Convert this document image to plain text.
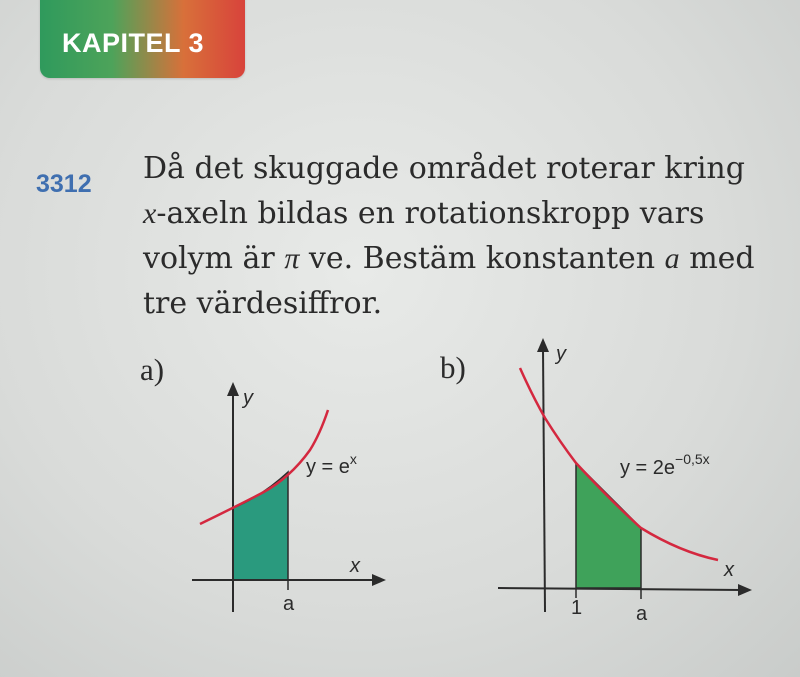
KAPITEL 3
3312 Då det skuggade området roterar kring
x-axeln bildas en rotationskropp vars
volym är π ve. Bestäm konstanten a med
tre värdesiffror.
a)	b)
y
x
$y = e^x$
a
y
x
$y = 2e^{-0,5x}$
1	a
